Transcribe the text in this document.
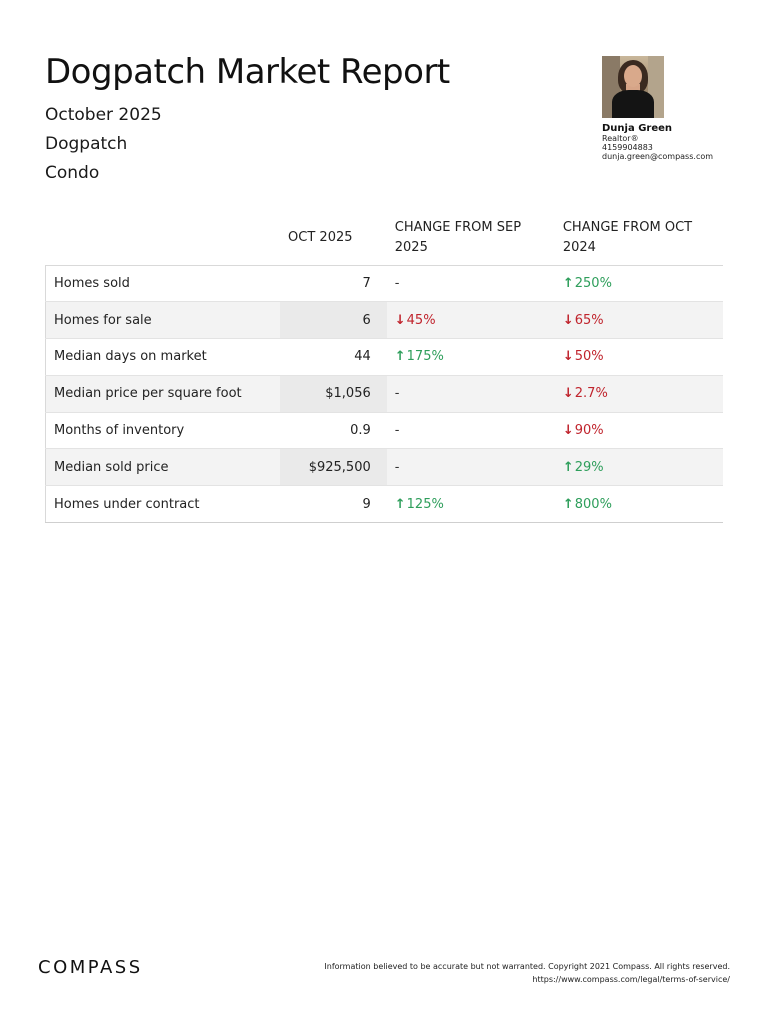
Dogpatch Market Report
October 2025
Dogpatch
Condo
Dunja Green
Realtor®
4159904883
dunja.green@compass.com
	OCT 2025	CHANGE FROM SEP 2025	CHANGE FROM OCT 2024
Homes sold	7	-	↑250%
Homes for sale	6	↓45%	↓65%
Median days on market	44	↑175%	↓50%
Median price per square foot	$1,056	-	↓2.7%
Months of inventory	0.9	-	↓90%
Median sold price	$925,500	-	↑29%
Homes under contract	9	↑125%	↑800%
COMPASS	Information believed to be accurate but not warranted. Copyright 2021 Compass. All rights reserved.
https://www.compass.com/legal/terms-of-service/
